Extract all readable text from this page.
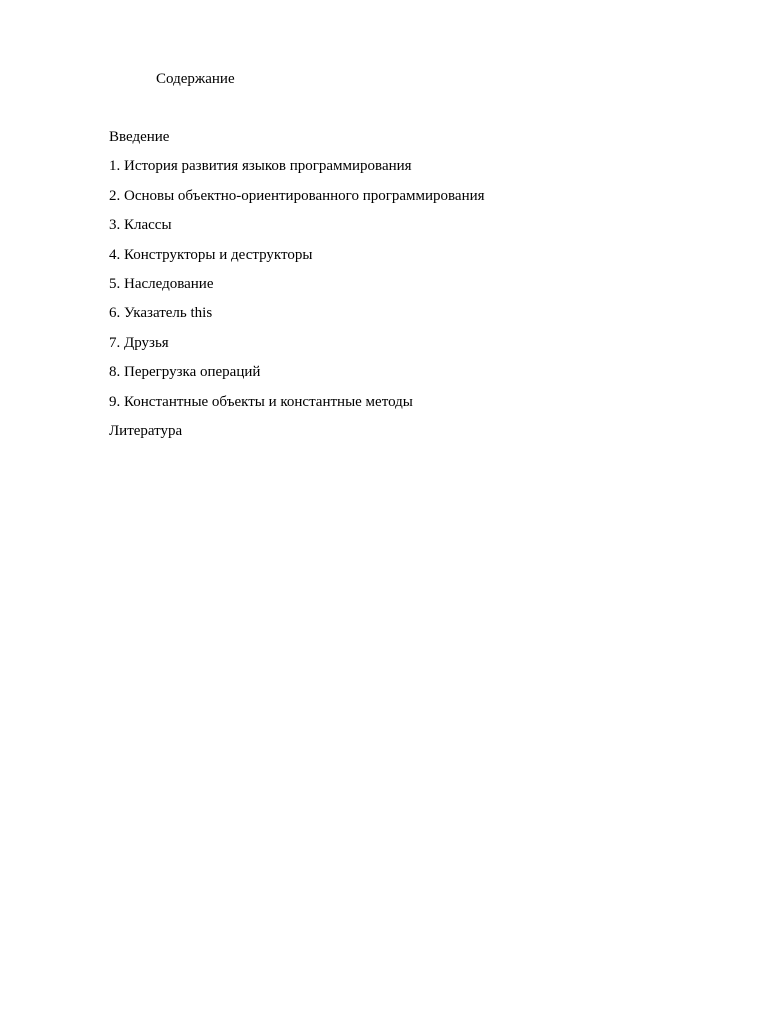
Содержание
Введение
1. История развития языков программирования
2. Основы объектно-ориентированного программирования
3. Классы
4. Конструкторы и деструкторы
5. Наследование
6. Указатель this
7. Друзья
8. Перегрузка операций
9. Константные объекты и константные методы
Литература
